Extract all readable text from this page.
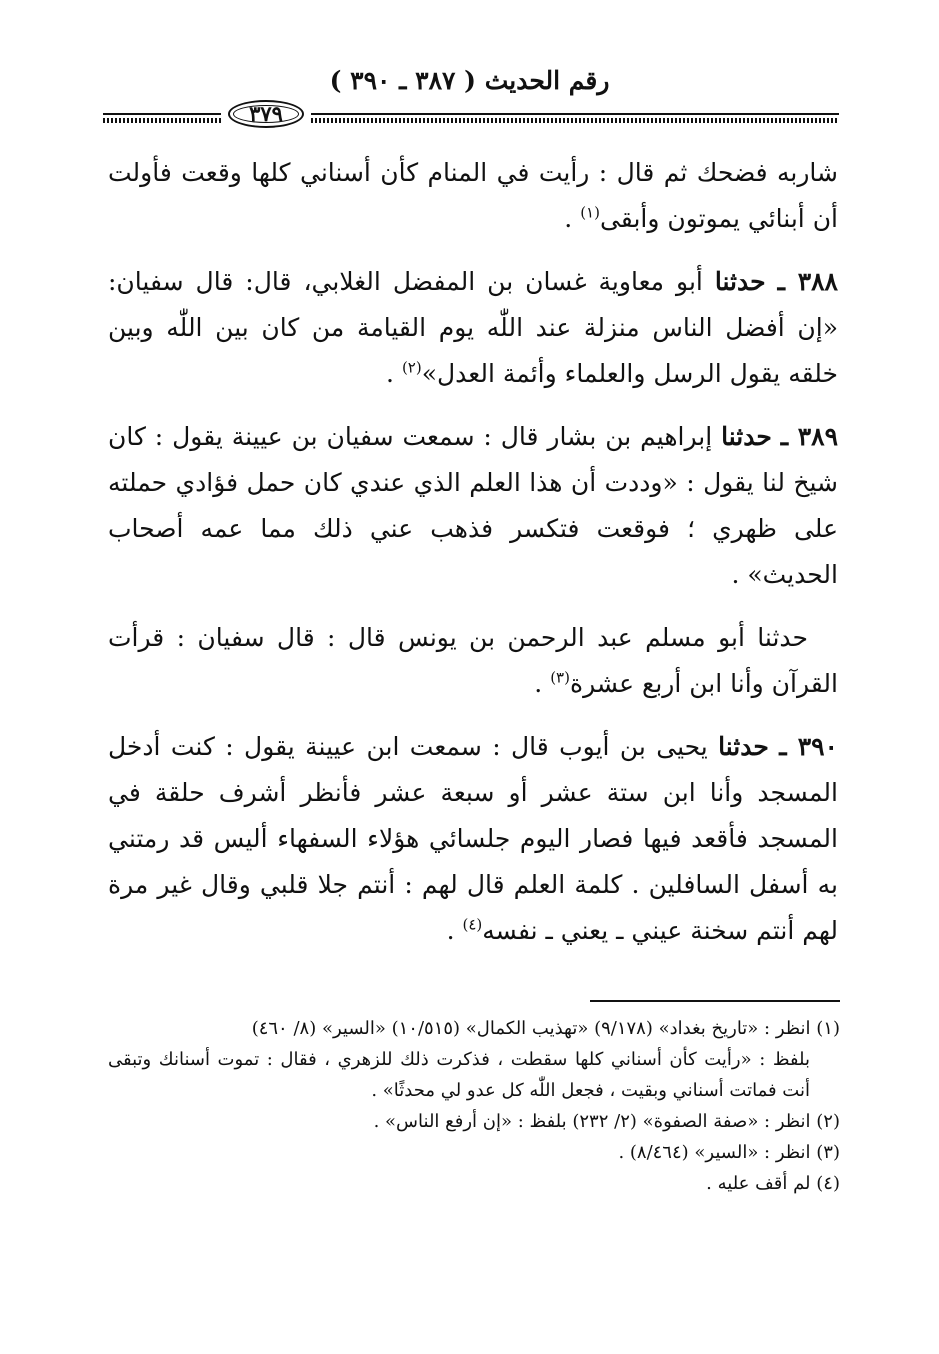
رقم الحديث ( ٣٨٧ ـ ٣٩٠ )
٣٧٩

شاربه فضحك ثم قال : رأيت في المنام كأن أسناني كلها وقعت فأولت أن أبنائي يموتون وأبقى$^{(١)}$ .

٣٨٨ ـ حدثنا أبو معاوية غسان بن المفضل الغلابي، قال: قال سفيان: «إن أفضل الناس منزلة عند اللّٰه يوم القيامة من كان بين اللّٰه وبين خلقه يقول الرسل والعلماء وأئمة العدل»$^{(٢)}$ .

٣٨٩ ـ حدثنا إبراهيم بن بشار قال : سمعت سفيان بن عيينة يقول : كان شيخ لنا يقول : «وددت أن هذا العلم الذي عندي كان حمل فؤادي حملته على ظهري ؛ فوقعت فتكسر فذهب عني ذلك مما عمه أصحاب الحديث» .

حدثنا أبو مسلم عبد الرحمن بن يونس قال : قال سفيان : قرأت القرآن وأنا ابن أربع عشرة$^{(٣)}$ .

٣٩٠ ـ حدثنا يحيى بن أيوب قال : سمعت ابن عيينة يقول : كنت أدخل المسجد وأنا ابن ستة عشر أو سبعة عشر فأنظر أشرف حلقة في المسجد فأقعد فيها فصار اليوم جلسائي هؤلاء السفهاء أليس قد رمتني به أسفل السافلين . كلمة العلم قال لهم : أنتم جلا قلبي وقال غير مرة لهم أنتم سخنة عيني ـ يعني ـ نفسه$^{(٤)}$ .

(١) انظر : «تاريخ بغداد» (٩/١٧٨) «تهذيب الكمال» (١٠/٥١٥) «السير» (٨/ ٤٦٠)

بلفظ : «رأيت كأن أسناني كلها سقطت ، فذكرت ذلك للزهري ، فقال : تموت أسنانك وتبقى أنت فماتت أسناني وبقيت ، فجعل اللّٰه كل عدو لي محدثًا» .

(٢) انظر : «صفة الصفوة» (٢/ ٢٣٢) بلفظ : «إن أرفع الناس» .

(٣) انظر : «السير» (٨/٤٦٤) .

(٤) لم أقف عليه .
